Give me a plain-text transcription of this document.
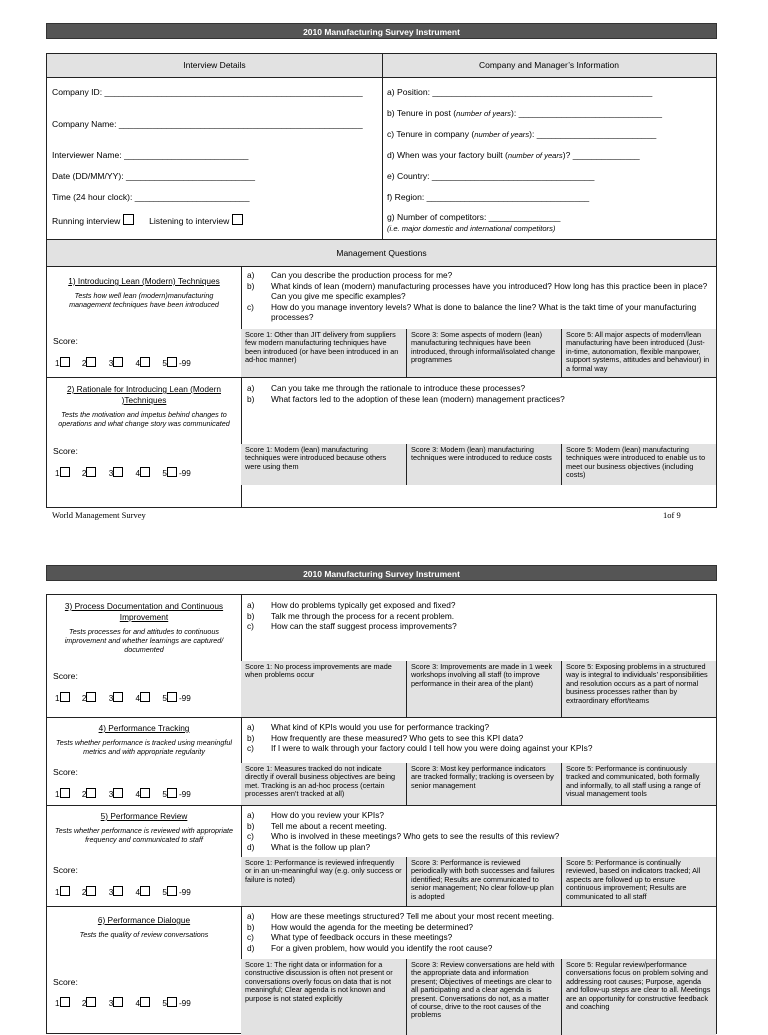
2010 Manufacturing Survey Instrument
Interview Details	Company and Manager’s Information
Company ID: ______________________________________________________
Company Name: ___________________________________________________
Interviewer Name: __________________________
Date (DD/MM/YY): ___________________________
Time (24 hour clock): ________________________
Running interview	Listening to interview
a) Position: ______________________________________________
b) Tenure in post (number of years): ______________________________
c) Tenure in company (number of years): _________________________
d) When was your factory built (number of years)? ______________
e) Country: __________________________________
f) Region: __________________________________
g) Number of competitors: _______________
(i.e. major domestic and international competitors)
Management Questions
1) Introducing Lean (Modern) Techniques
Tests how well lean (modern)manufacturing management techniques have been introduced
Score:
1	2	3	4	5 -99
a)	Can you describe the production process for me?
b)	What kinds of lean (modern) manufacturing processes have you introduced? How long has this practice been in place? Can you give me specific examples?
c)	How do you manage inventory levels? What is done to balance the line? What is the takt time of your manufacturing processes?
Score 1: Other than JIT delivery from suppliers few modern manufacturing techniques have been introduced (or have been introduced in an ad-hoc manner)
Score 3: Some aspects of modern (lean) manufacturing techniques have been introduced, through informal/isolated change programmes
Score 5: All major aspects of modern/lean manufacturing have been introduced (Just-in-time, autonomation, flexible manpower, support systems, attitudes and behaviour) in a formal way
2) Rationale for Introducing Lean (Modern )Techniques
Tests the motivation and impetus behind changes to operations and what change story was communicated
Score:
1	2	3	4	5 -99
a)	Can you take me through the rationale to introduce these processes?
b)	What factors led to the adoption of these lean (modern) management practices?
Score 1: Modern (lean) manufacturing techniques were introduced because others were using them
Score 3: Modern (lean) manufacturing techniques were introduced to reduce costs
Score 5: Modern (lean) manufacturing techniques were introduced to enable us to meet our business objectives (including costs)
World Management Survey	1of 9
2010 Manufacturing Survey Instrument
3) Process Documentation and Continuous Improvement
Tests processes for and attitudes to continuous improvement and whether learnings are captured/ documented
Score:
1	2	3	4	5 -99
a)	How do problems typically get exposed and fixed?
b)	Talk me through the process for a recent problem.
c)	How can the staff suggest process improvements?
Score 1: No process improvements are made when problems occur
Score 3: Improvements are made in 1 week workshops involving all staff (to improve performance in their area of the plant)
Score 5: Exposing problems in a structured way is integral to individuals’ responsibilities and resolution occurs as a part of normal business processes rather than by extraordinary effort/teams
4) Performance Tracking
Tests whether performance is tracked using meaningful metrics and with appropriate regularity
Score:
1	2	3	4	5 -99
a)	What kind of KPIs would you use for performance tracking?
b)	How frequently are these measured? Who gets to see this KPI data?
c)	If I were to walk through your factory could I tell how you were doing against your KPIs?
Score 1: Measures tracked do not indicate directly if overall business objectives are being met. Tracking is an ad-hoc process (certain processes aren’t tracked at all)
Score 3: Most key performance indicators are tracked formally; tracking is overseen by senior management
Score 5: Performance is continuously tracked and communicated, both formally and informally, to all staff using a range of visual management tools
5) Performance Review
Tests whether performance is reviewed with appropriate frequency and communicated to staff
Score:
1	2	3	4	5 -99
a)	How do you review your KPIs?
b)	Tell me about a recent meeting.
c)	Who is involved in these meetings? Who gets to see the results of this review?
d)	What is the follow up plan?
Score 1: Performance is reviewed infrequently or in an un-meaningful way (e.g. only success or failure is noted)
Score 3: Performance is reviewed periodically with both successes and failures identified; Results are communicated to senior management; No clear follow-up plan is adopted
Score 5: Performance is continually reviewed, based on indicators tracked; All aspects are followed up to ensure continuous improvement; Results are communicated to all staff
6) Performance Dialogue
Tests the quality of review conversations
Score:
1	2	3	4	5 -99
a)	How are these meetings structured? Tell me about your most recent meeting.
b)	How would the agenda for the meeting be determined?
c)	What type of feedback occurs in these meetings?
d)	For a given problem, how would you identify the root cause?
Score 1: The right data or information for a constructive discussion is often not present or conversations overly focus on data that is not meaningful; Clear agenda is not known and purpose is not stated explicitly
Score 3: Review conversations are held with the appropriate data and information present; Objectives of meetings are clear to all participating and a clear agenda is present. Conversations do not, as a matter of course, drive to the root causes of the problems
Score 5: Regular review/performance conversations focus on problem solving and addressing root causes; Purpose, agenda and follow-up steps are clear to all. Meetings are an opportunity for constructive feedback and coaching
